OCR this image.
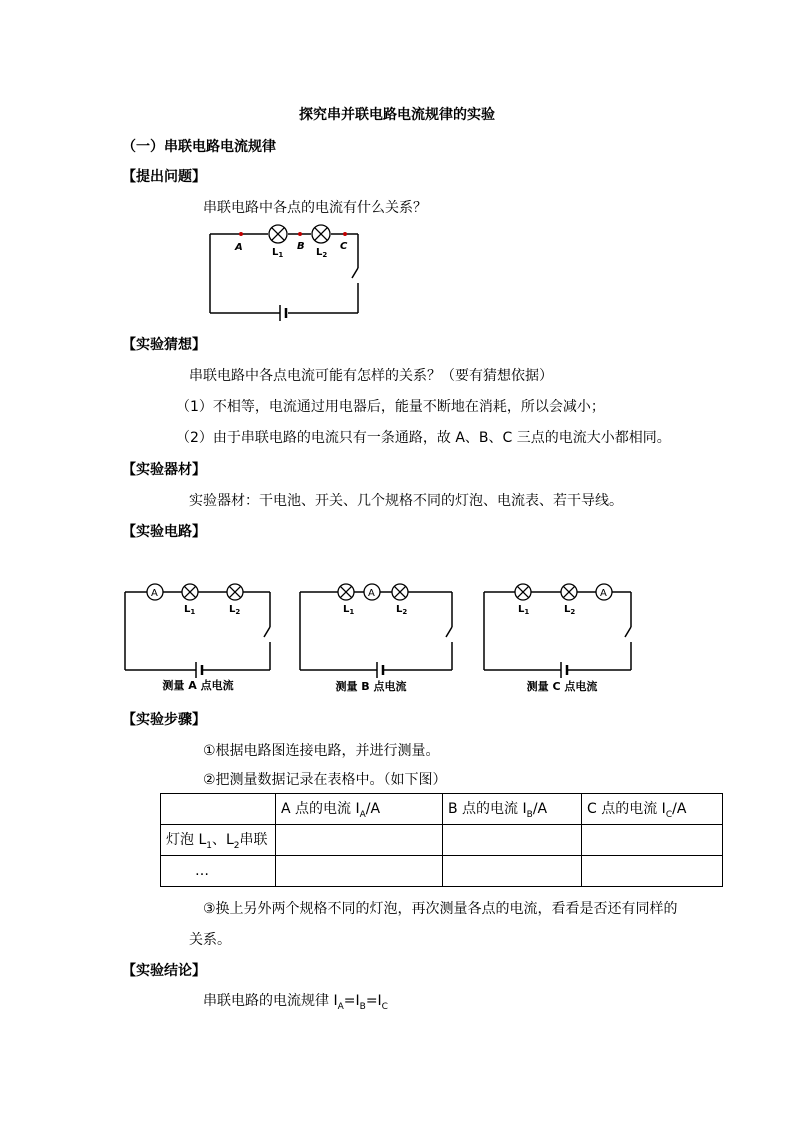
探究串并联电路电流规律的实验
（一）串联电路电流规律
【提出问题】
串联电路中各点的电流有什么关系？
A	B	C
$L_1$	$L_2$
【实验猜想】
串联电路中各点电流可能有怎样的关系？（要有猜想依据）
（1）不相等，电流通过用电器后，能量不断地在消耗，所以会减小；
（2）由于串联电路的电流只有一条通路，故 A、B、C 三点的电流大小都相同。
【实验器材】
实验器材：干电池、开关、几个规格不同的灯泡、电流表、若干导线。
【实验电路】
A
$L_1$	$L_2$
测量 A 点电流
A
$L_1$	$L_2$
测量 B 点电流
A
$L_1$	$L_2$
测量 C 点电流
【实验步骤】
①根据电路图连接电路，并进行测量。
②把测量数据记录在表格中。（如下图）
	A 点的电流 $I_A/A$	B 点的电流 $I_B/A$	C 点的电流 $I_C/A$
灯泡 $L_1$、$L_2$串联			
…			
③换上另外两个规格不同的灯泡，再次测量各点的电流，看看是否还有同样的
关系。
【实验结论】
串联电路的电流规律 $I_A=I_B=I_C$
